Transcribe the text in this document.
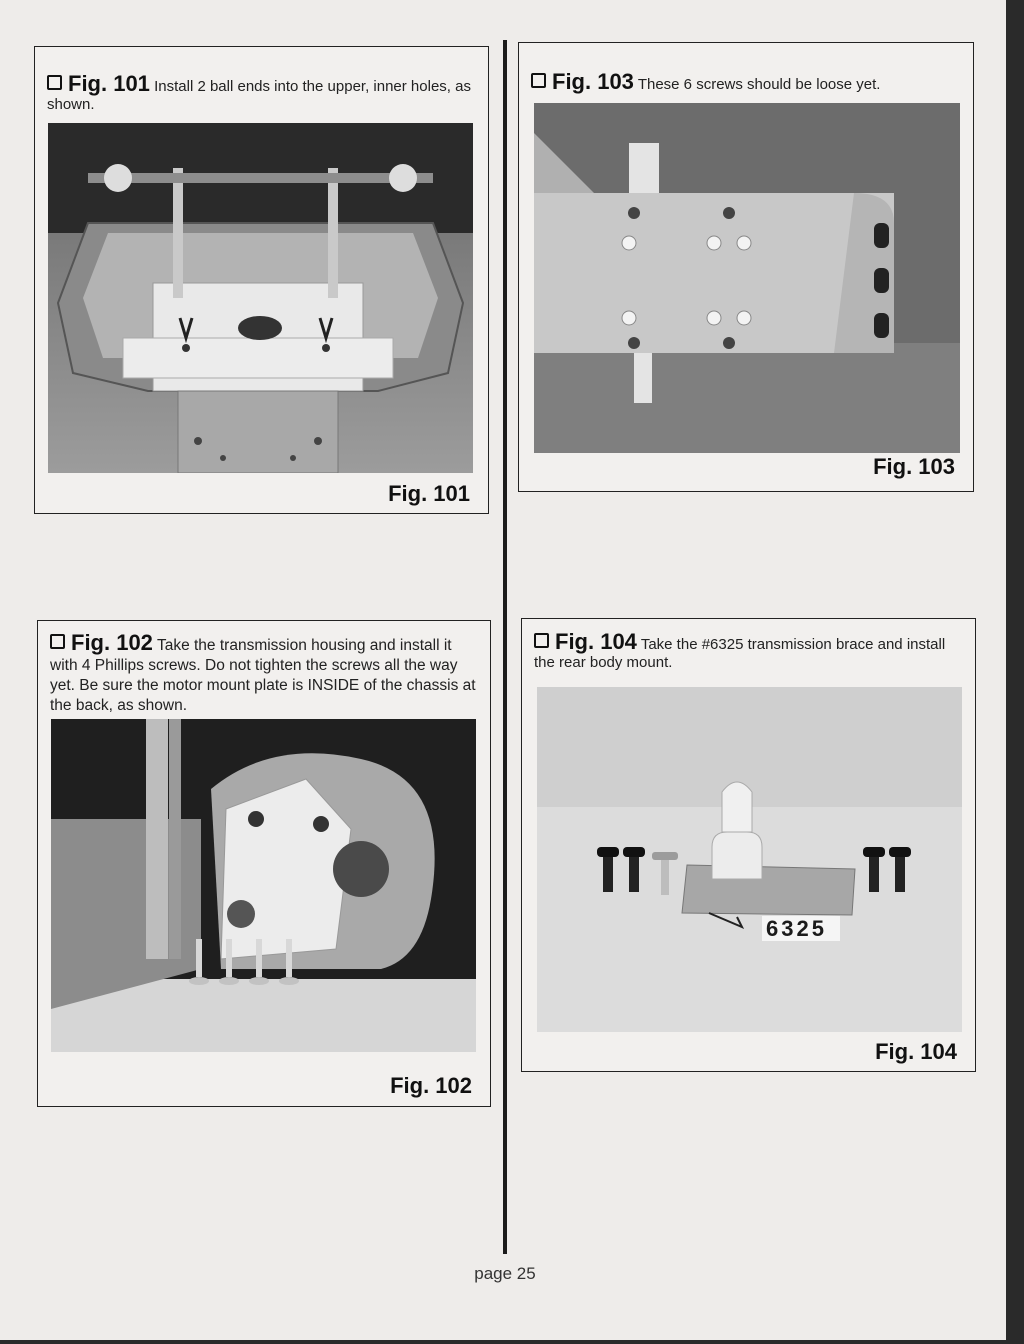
Fig. 101 Install 2 ball ends into the upper, inner holes, as shown.
Fig. 101
Fig. 103 These 6 screws should be loose yet.
Fig. 103
Fig. 102 Take the transmission housing and install it with 4 Phillips screws. Do not tighten the screws all the way yet. Be sure the motor mount plate is INSIDE of the chassis at the back, as shown.
Fig. 102
Fig. 104 Take the #6325 transmission brace and install the rear body mount.
6325
Fig. 104
page 25
